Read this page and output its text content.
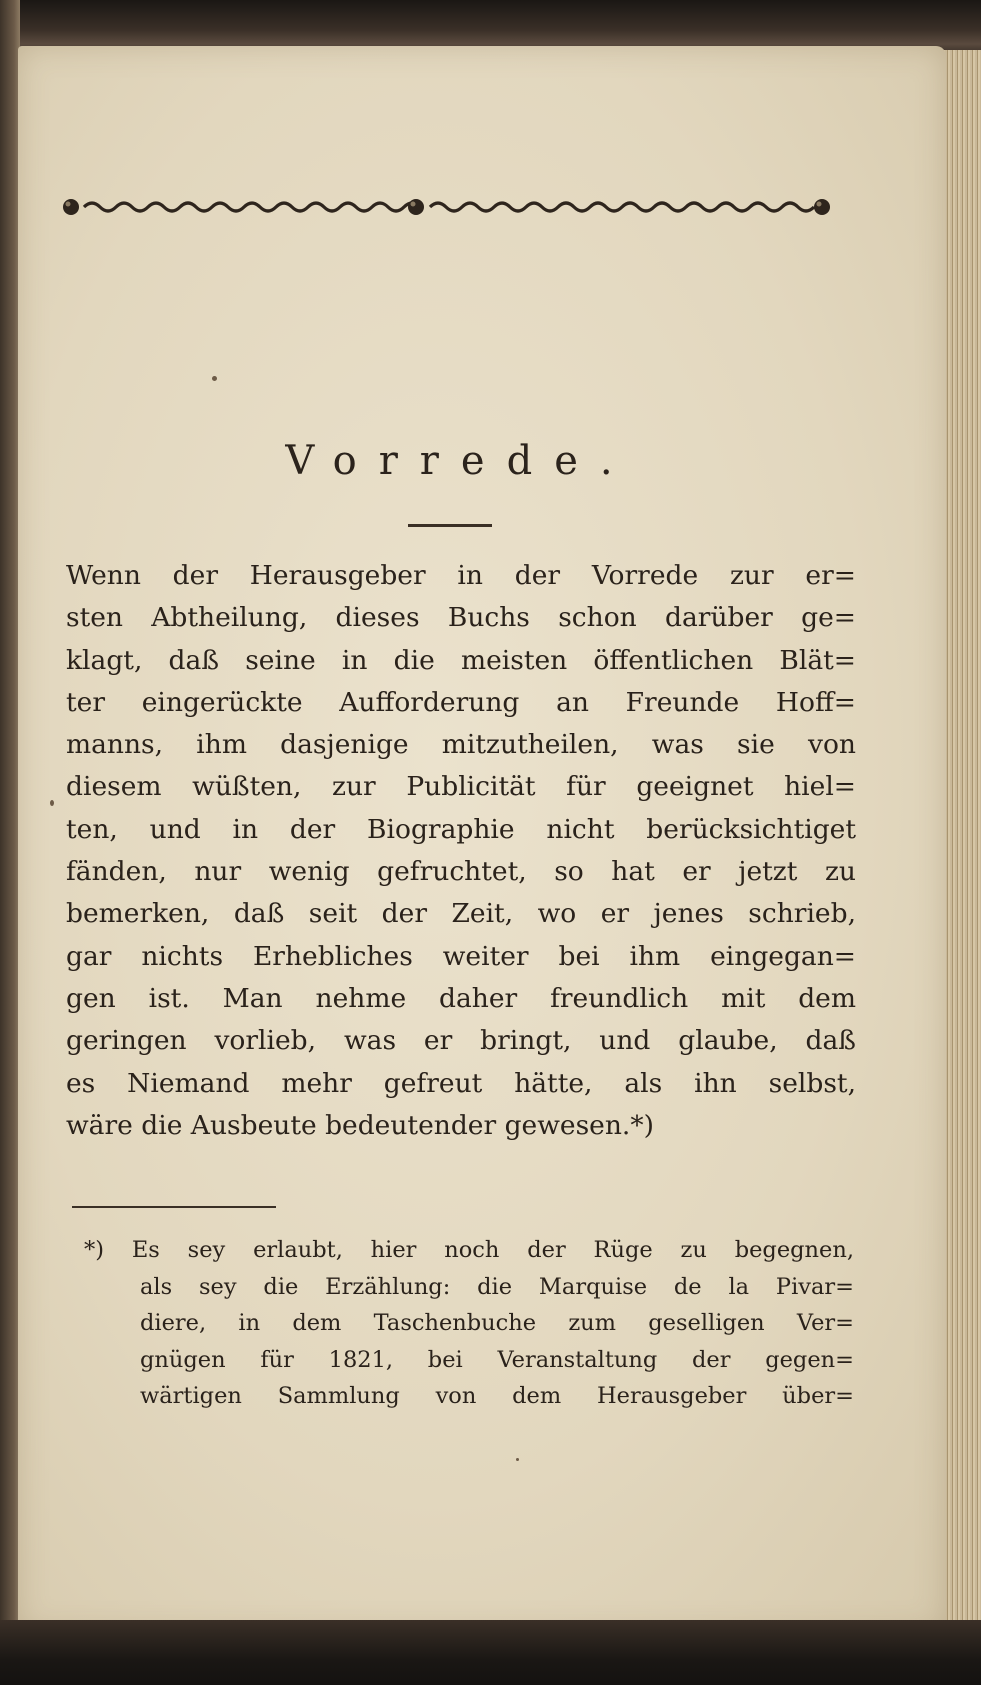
Vorrede.
Wenn der Herausgeber in der Vorrede zur er=
sten Abtheilung, dieses Buchs schon darüber ge=
klagt, daß seine in die meisten öffentlichen Blät=
ter eingerückte Aufforderung an Freunde Hoff=
manns, ihm dasjenige mitzutheilen, was sie von
diesem wüßten, zur Publicität für geeignet hiel=
ten, und in der Biographie nicht berücksichtiget
fänden, nur wenig gefruchtet, so hat er jetzt zu
bemerken, daß seit der Zeit, wo er jenes schrieb,
gar nichts Erhebliches weiter bei ihm eingegan=
gen ist. Man nehme daher freundlich mit dem
geringen vorlieb, was er bringt, und glaube, daß
es Niemand mehr gefreut hätte, als ihn selbst,
wäre die Ausbeute bedeutender gewesen.*)
*) Es sey erlaubt, hier noch der Rüge zu begegnen,
als sey die Erzählung: die Marquise de la Pivar=
diere, in dem Taschenbuche zum geselligen Ver=
gnügen für 1821, bei Veranstaltung der gegen=
wärtigen Sammlung von dem Herausgeber über=
